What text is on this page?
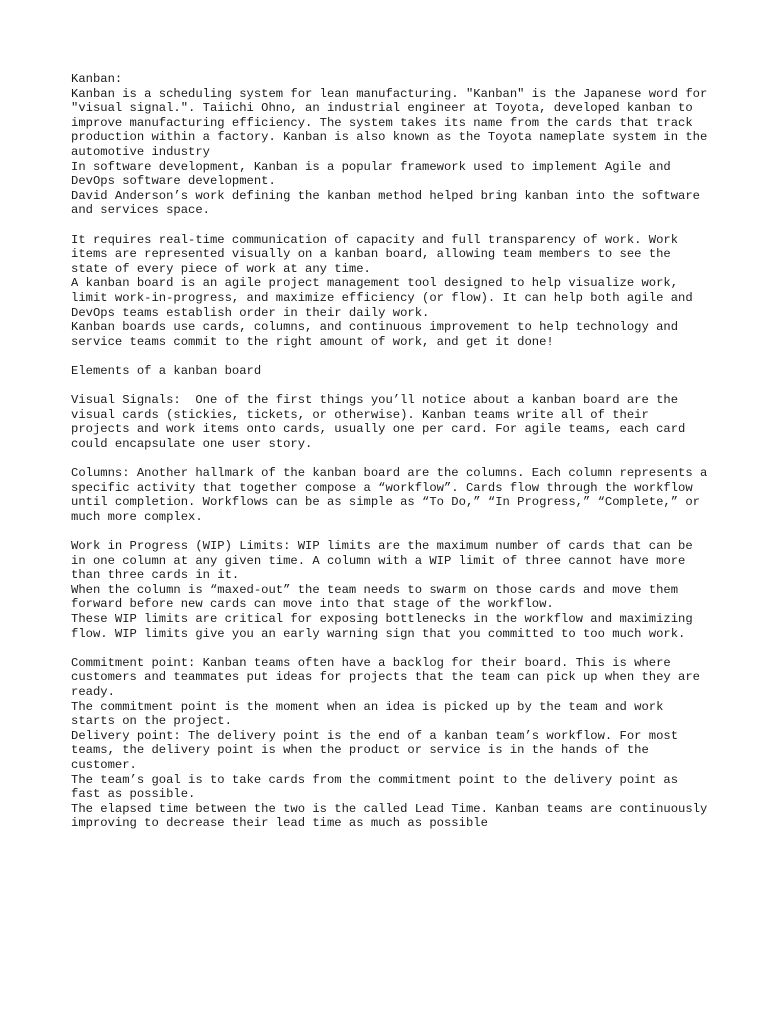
Kanban:

Kanban is a scheduling system for lean manufacturing. "Kanban" is the Japanese word for "visual signal.". Taiichi Ohno, an industrial engineer at Toyota, developed kanban to improve manufacturing efficiency. The system takes its name from the cards that track production within a factory. Kanban is also known as the Toyota nameplate system in the automotive industry

In software development, Kanban is a popular framework used to implement Agile and DevOps software development.

David Anderson’s work defining the kanban method helped bring kanban into the software and services space.

It requires real-time communication of capacity and full transparency of work. Work items are represented visually on a kanban board, allowing team members to see the state of every piece of work at any time.

A kanban board is an agile project management tool designed to help visualize work, limit work-in-progress, and maximize efficiency (or flow). It can help both agile and DevOps teams establish order in their daily work.

Kanban boards use cards, columns, and continuous improvement to help technology and service teams commit to the right amount of work, and get it done!

Elements of a kanban board

Visual Signals:  One of the first things you’ll notice about a kanban board are the visual cards (stickies, tickets, or otherwise). Kanban teams write all of their projects and work items onto cards, usually one per card. For agile teams, each card could encapsulate one user story.

Columns: Another hallmark of the kanban board are the columns. Each column represents a specific activity that together compose a “workflow”. Cards flow through the workflow until completion. Workflows can be as simple as “To Do,” “In Progress,” “Complete,” or much more complex.

Work in Progress (WIP) Limits: WIP limits are the maximum number of cards that can be in one column at any given time. A column with a WIP limit of three cannot have more than three cards in it.

When the column is “maxed-out” the team needs to swarm on those cards and move them forward before new cards can move into that stage of the workflow.

These WIP limits are critical for exposing bottlenecks in the workflow and maximizing flow. WIP limits give you an early warning sign that you committed to too much work.

Commitment point: Kanban teams often have a backlog for their board. This is where customers and teammates put ideas for projects that the team can pick up when they are ready.

The commitment point is the moment when an idea is picked up by the team and work starts on the project.

Delivery point: The delivery point is the end of a kanban team’s workflow. For most teams, the delivery point is when the product or service is in the hands of the customer.

The team’s goal is to take cards from the commitment point to the delivery point as fast as possible.

The elapsed time between the two is the called Lead Time. Kanban teams are continuously improving to decrease their lead time as much as possible
